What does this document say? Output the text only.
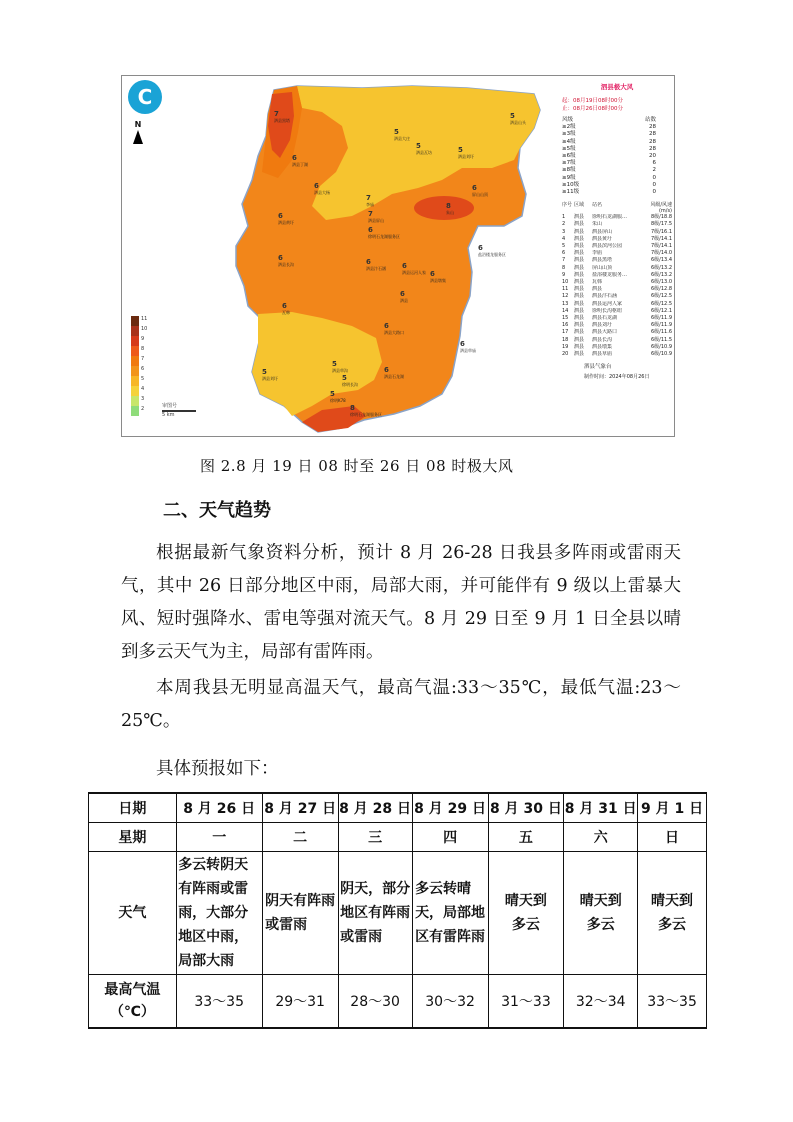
C
N
7
泗县黑塔
5
泗县山头
5
泗县大庄
5
泗县瓦坊	5
泗县刘圩
6
泗县丁湖
6
泗县大杨
7
李庙
7
泗县屏山
8
朱山
6
屏山山顶
6
泗县黄圩
6
徐明石龙湖服务区
6
泗县长沟	6
泗县汴石涵 6
泗县运河人家
6
盐浴楼龙服务区
6
泗县墩集
6
泗县
6
泗县草庙
6
瓦韩
6
泗县大路口
6
泗县石龙湖
5
徐明长沟
5
泗县刘圩
5
泗县草沟
5
徐明K78
8
徐明石龙湖服务区
11
10
9
8
7
6
5
4
3
2	审图号
5 km
泗县极大风
起：08月19日08时00分
止：08月26日08时00分
风级	站数
≥2级	28
≥3级	28
≥4级	28
≥5级	28
≥6级	20
≥7级	6
≥8级	2
≥9级	0
≥10级	0
≥11级	0
序号 区域	站名	风级/风速(m/s)
1	泗县	徐明石龙湖服…	8级/18.8
2	泗县	朱山	8级/17.5
3	泗县	泗县屏山	7级/16.1
4	泗县	泗县黄圩	7级/14.1
5	泗县	泗县滨河公园	7级/14.1
6	泗县	李庙	7级/14.0
7	泗县	泗县黑塔	6级/13.4
8	泗县	屏山山顶	6级/13.2
9	泗县	盐浴楼龙服务…	6级/13.2
10	泗县	瓦韩	6级/13.0
11	泗县	泗县	6级/12.8
12	泗县	泗县汴石涵	6级/12.5
13	泗县	泗县运河人家	6级/12.5
14	泗县	徐明长沟枢纽	6级/12.1
15	泗县	泗县石龙湖	6级/11.9
16	泗县	泗县刘圩	6级/11.9
17	泗县	泗县大路口	6级/11.6
18	泗县	泗县长沟	6级/11.5
19	泗县	泗县墩集	6级/10.9
20	泗县	泗县草庙	6级/10.9
泗县气象台
制作时间：2024年08月26日
图 2.8 月 19 日 08 时至 26 日 08 时极大风
二、天气趋势
根据最新气象资料分析，预计 8 月 26-28 日我县多阵雨或雷雨天气，其中 26 日部分地区中雨，局部大雨，并可能伴有 9 级以上雷暴大风、短时强降水、雷电等强对流天气。8 月 29 日至 9 月 1 日全县以晴到多云天气为主，局部有雷阵雨。
本周我县无明显高温天气，最高气温:33～35℃，最低气温:23～25℃。
具体预报如下：
日期	8 月 26 日	8 月 27 日	8 月 28 日	8 月 29 日	8 月 30 日	8 月 31 日	9 月 1 日
星期	一	二	三	四	五	六	日
天气	多云转阴天有阵雨或雷雨，大部分地区中雨，局部大雨	阴天有阵雨或雷雨	阴天，部分地区有阵雨或雷雨	多云转晴天，局部地区有雷阵雨	晴天到多云	晴天到多云	晴天到多云

最高气温
（℃）	33～35	29～31	28～30	30～32	31～33	32～34	33～35
